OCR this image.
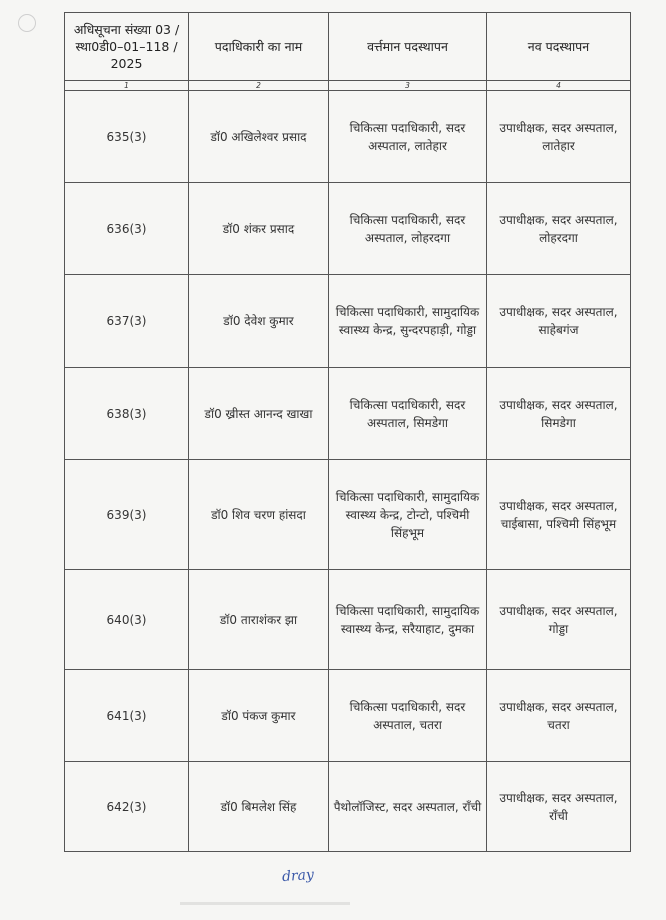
अधिसूचना संख्या 03 / स्था0डी0–01–118 / 2025	पदाधिकारी का नाम	वर्त्तमान पदस्थापन	नव पदस्थापन
1	2	3	4
635(3)	डॉ0 अखिलेश्वर प्रसाद	चिकित्सा पदाधिकारी, सदर अस्पताल, लातेहार	उपाधीक्षक, सदर अस्पताल, लातेहार
636(3)	डॉ0 शंकर प्रसाद	चिकित्सा पदाधिकारी, सदर अस्पताल, लोहरदगा	उपाधीक्षक, सदर अस्पताल, लोहरदगा
637(3)	डॉ0 देवेश कुमार	चिकित्सा पदाधिकारी, सामुदायिक स्वास्थ्य केन्द्र, सुन्दरपहाड़ी, गोड्डा	उपाधीक्षक, सदर अस्पताल, साहेबगंज
638(3)	डॉ0 ख्रीस्त आनन्द खाखा	चिकित्सा पदाधिकारी, सदर अस्पताल, सिमडेगा	उपाधीक्षक, सदर अस्पताल, सिमडेगा
639(3)	डॉ0 शिव चरण हांसदा	चिकित्सा पदाधिकारी, सामुदायिक स्वास्थ्य केन्द्र, टोन्टो, पश्चिमी सिंहभूम	उपाधीक्षक, सदर अस्पताल, चाईबासा, पश्चिमी सिंहभूम
640(3)	डॉ0 ताराशंकर झा	चिकित्सा पदाधिकारी, सामुदायिक स्वास्थ्य केन्द्र, सरैयाहाट, दुमका	उपाधीक्षक, सदर अस्पताल, गोड्डा
641(3)	डॉ0 पंकज कुमार	चिकित्सा पदाधिकारी, सदर अस्पताल, चतरा	उपाधीक्षक, सदर अस्पताल, चतरा
642(3)	डॉ0 बिमलेश सिंह	पैथोलॉजिस्ट, सदर अस्पताल, राँची	उपाधीक्षक, सदर अस्पताल, राँची
dray
